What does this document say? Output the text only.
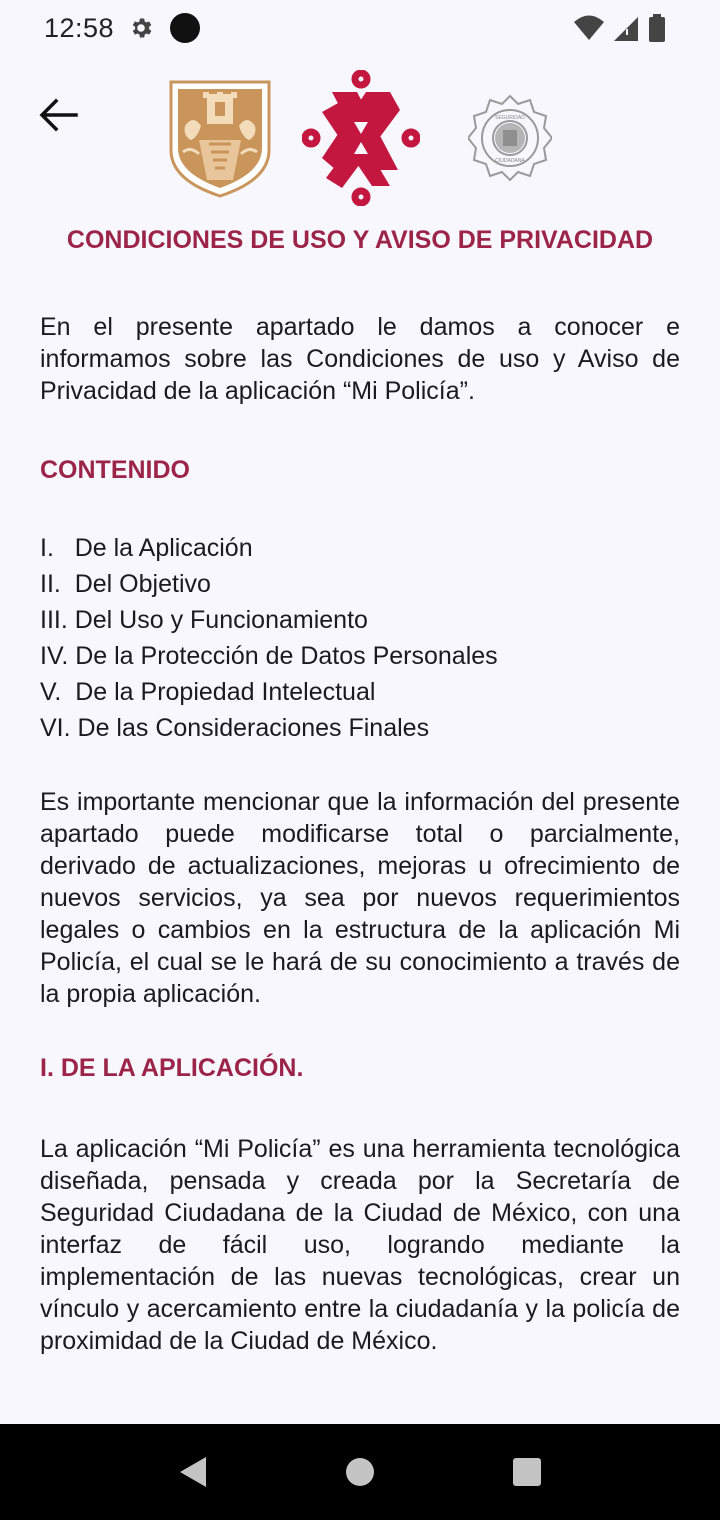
12:58
SEGURIDAD
CIUDADANA
CONDICIONES DE USO Y AVISO DE PRIVACIDAD

En el presente apartado le damos a conocer e informamos sobre las Condiciones de uso y Aviso de Privacidad de la aplicación “Mi Policía”.

CONTENIDO
I.   De la Aplicación
II.  Del Objetivo
III. Del Uso y Funcionamiento
IV. De la Protección de Datos Personales
V.  De la Propiedad Intelectual
VI. De las Consideraciones Finales

Es importante mencionar que la información del presente apartado puede modificarse total o parcialmente, derivado de actualizaciones, mejoras u ofrecimiento de nuevos servicios, ya sea por nuevos requerimientos legales o cambios en la estructura de la aplicación Mi Policía, el cual se le hará de su conocimiento a través de la propia aplicación.

I. DE LA APLICACIÓN.

La aplicación “Mi Policía” es una herramienta tecnológica diseñada, pensada y creada por la Secretaría de Seguridad Ciudadana de la Ciudad de México, con una interfaz de fácil uso, logrando mediante la implementación de las nuevas tecnológicas, crear un vínculo y acercamiento entre la ciudadanía y la policía de proximidad de la Ciudad de México.
